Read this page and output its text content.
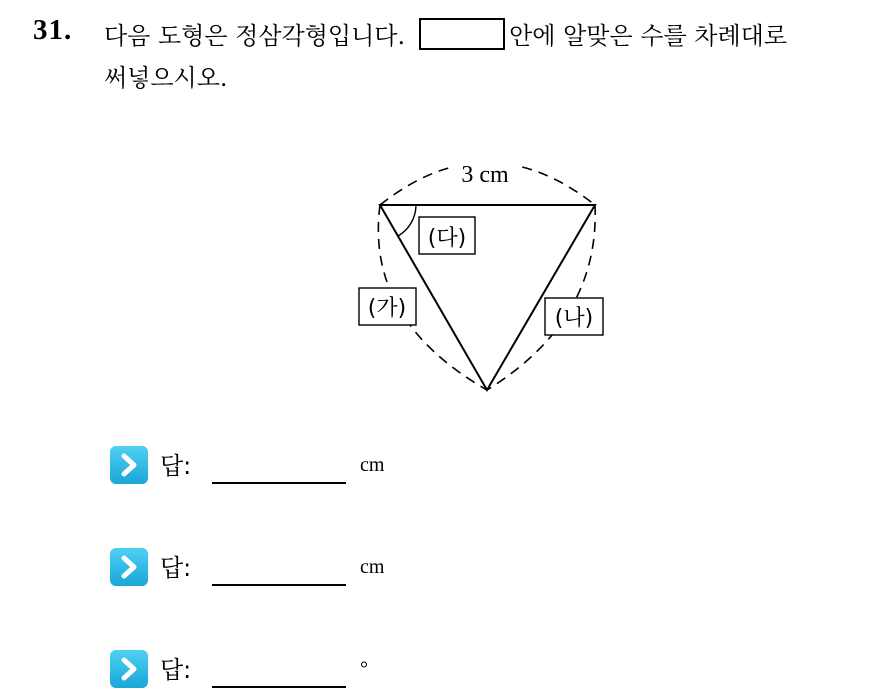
31. 다음 도형은 정삼각형입니다.	안에 알맞은 수를 차례대로
써넣으시오.
3 cm
(다)
(가)	(나)
답:	cm
답:	cm
답:	°
